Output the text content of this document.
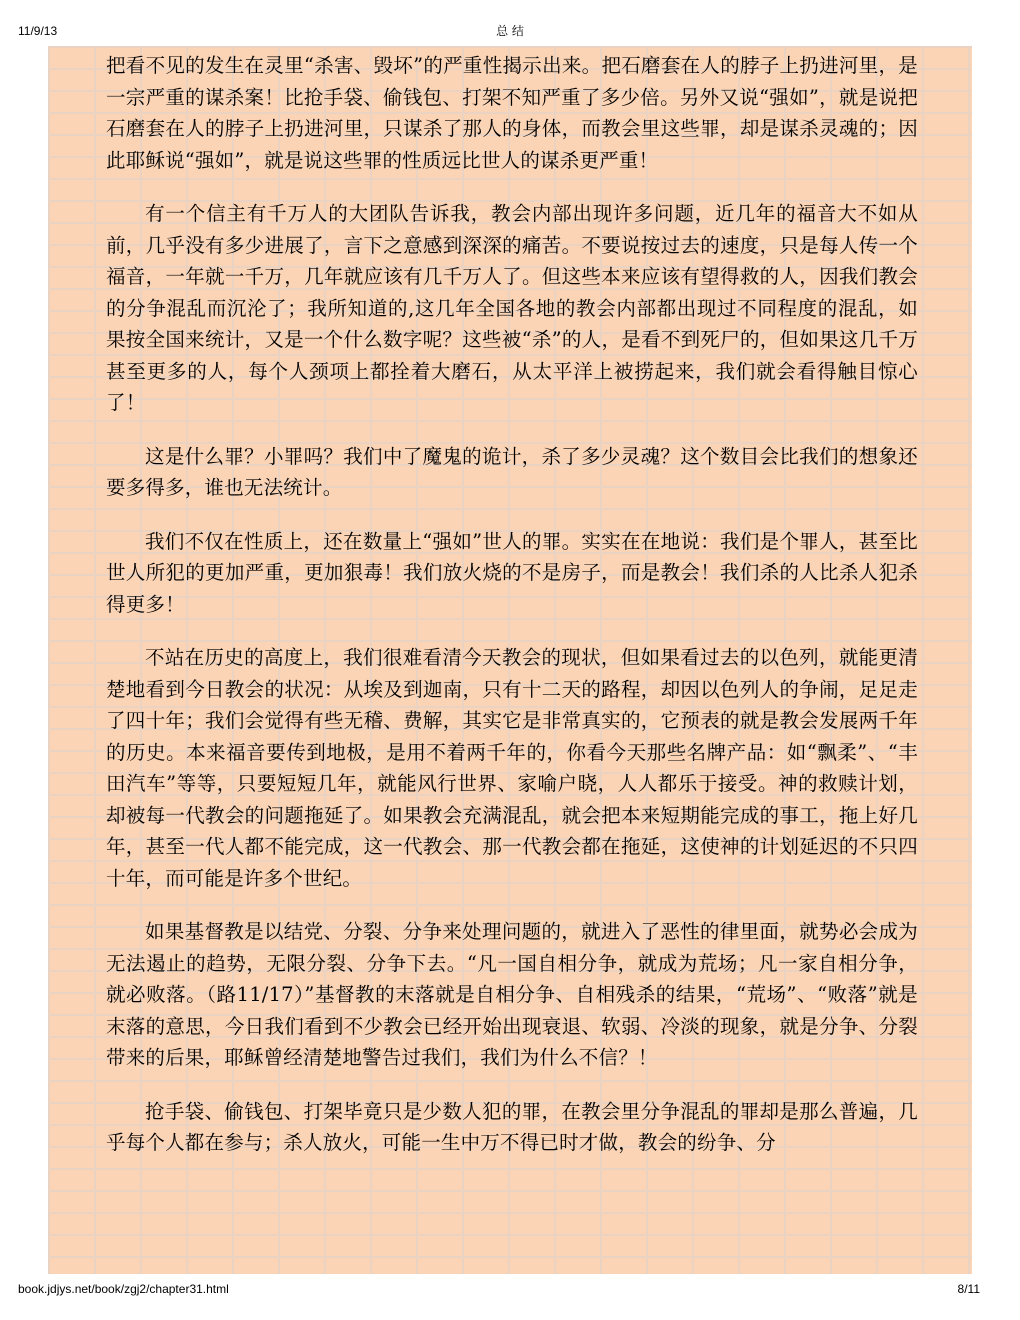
11/9/13	总 结

把看不见的发生在灵里“杀害、毁坏”的严重性揭示出来。把石磨套在人的脖子上扔进河里，是一宗严重的谋杀案！比抢手袋、偷钱包、打架不知严重了多少倍。另外又说“强如”，就是说把石磨套在人的脖子上扔进河里，只谋杀了那人的身体，而教会里这些罪，却是谋杀灵魂的；因此耶稣说“强如”，就是说这些罪的性质远比世人的谋杀更严重！

有一个信主有千万人的大团队告诉我，教会内部出现许多问题，近几年的福音大不如从前，几乎没有多少进展了，言下之意感到深深的痛苦。不要说按过去的速度，只是每人传一个福音，一年就一千万，几年就应该有几千万人了。但这些本来应该有望得救的人，因我们教会的分争混乱而沉沦了；我所知道的,这几年全国各地的教会内部都出现过不同程度的混乱，如果按全国来统计，又是一个什么数字呢？这些被“杀”的人，是看不到死尸的，但如果这几千万甚至更多的人，每个人颈项上都拴着大磨石，从太平洋上被捞起来，我们就会看得触目惊心了！

这是什么罪？小罪吗？我们中了魔鬼的诡计，杀了多少灵魂？这个数目会比我们的想象还要多得多，谁也无法统计。

我们不仅在性质上，还在数量上“强如”世人的罪。实实在在地说：我们是个罪人，甚至比世人所犯的更加严重，更加狠毒！我们放火烧的不是房子，而是教会！我们杀的人比杀人犯杀得更多！

不站在历史的高度上，我们很难看清今天教会的现状，但如果看过去的以色列，就能更清楚地看到今日教会的状况：从埃及到迦南，只有十二天的路程，却因以色列人的争闹，足足走了四十年；我们会觉得有些无稽、费解，其实它是非常真实的，它预表的就是教会发展两千年的历史。本来福音要传到地极，是用不着两千年的，你看今天那些名牌产品：如“飘柔”、“丰田汽车”等等，只要短短几年，就能风行世界、家喻户晓，人人都乐于接受。神的救赎计划，却被每一代教会的问题拖延了。如果教会充满混乱，就会把本来短期能完成的事工，拖上好几年，甚至一代人都不能完成，这一代教会、那一代教会都在拖延，这使神的计划延迟的不只四十年，而可能是许多个世纪。

如果基督教是以结党、分裂、分争来处理问题的，就进入了恶性的律里面，就势必会成为无法遏止的趋势，无限分裂、分争下去。“凡一国自相分争，就成为荒场；凡一家自相分争，就必败落。（路11/17）”基督教的末落就是自相分争、自相残杀的结果，“荒场”、“败落”就是末落的意思，今日我们看到不少教会已经开始出现衰退、软弱、冷淡的现象，就是分争、分裂带来的后果，耶稣曾经清楚地警告过我们，我们为什么不信？！

抢手袋、偷钱包、打架毕竟只是少数人犯的罪，在教会里分争混乱的罪却是那么普遍，几乎每个人都在参与；杀人放火，可能一生中万不得已时才做，教会的纷争、分

book.jdjys.net/book/zgj2/chapter31.html	8/11
